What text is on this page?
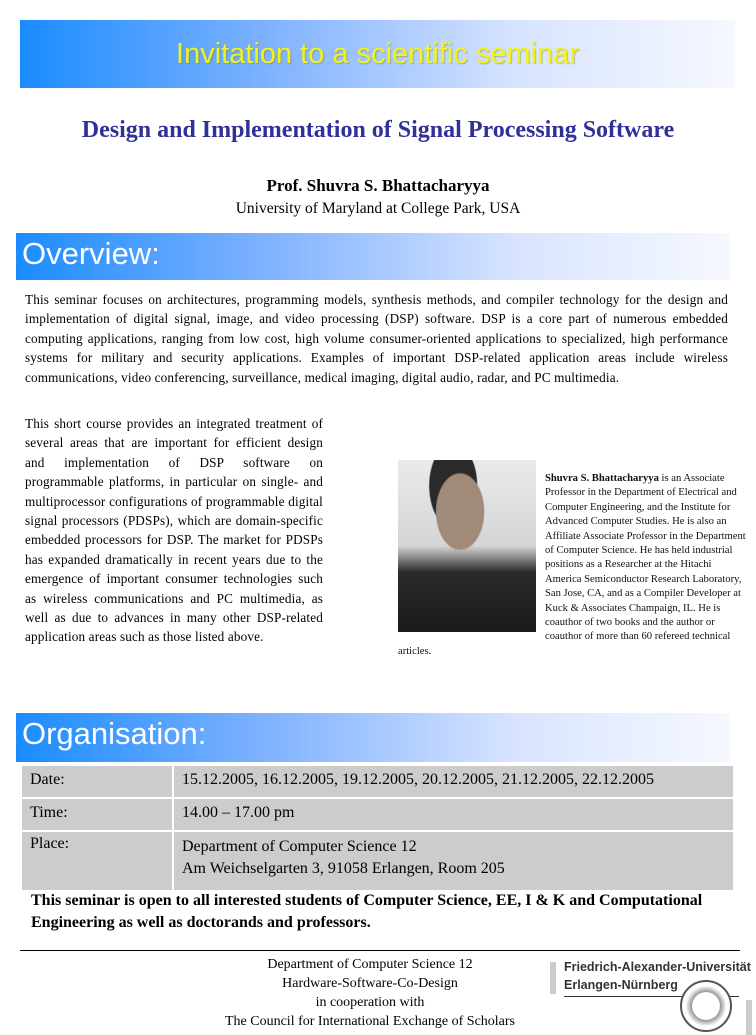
Invitation to a scientific seminar
Design and Implementation of Signal Processing Software
Prof. Shuvra S. Bhattacharyya
University of Maryland at College Park, USA
Overview:
This seminar focuses on architectures, programming models, synthesis methods, and compiler technology for the design and implementation of digital signal, image, and video processing (DSP) software. DSP is a core part of numerous embedded computing applications, ranging from low cost, high volume consumer-oriented applications to specialized, high performance systems for military and security applications. Examples of important DSP-related application areas include wireless communications, video conferencing, surveillance, medical imaging, digital audio, radar, and PC multimedia.
This short course provides an integrated treatment of several areas that are important for efficient design and implementation of DSP software on programmable platforms, in particular on single- and multiprocessor configurations of programmable digital signal processors (PDSPs), which are domain-specific embedded processors for DSP. The market for PDSPs has expanded dramatically in recent years due to the emergence of important consumer technologies such as wireless communications and PC multimedia, as well as due to advances in many other DSP-related application areas such as those listed above.
Shuvra S. Bhattacharyya is an Associate Professor in the Department of Electrical and Computer Engineering, and the Institute for Advanced Computer Studies. He is also an Affiliate Associate Professor in the Department of Computer Science. He has held industrial positions as a Researcher at the Hitachi America Semiconductor Research Laboratory, San Jose, CA, and as a Compiler Developer at Kuck & Associates Champaign, IL. He is coauthor of two books and the author or coauthor of more than 60 refereed technical articles.
Organisation:
Date:	15.12.2005, 16.12.2005, 19.12.2005, 20.12.2005, 21.12.2005, 22.12.2005
Time:	14.00 – 17.00 pm
Place:	Department of Computer Science 12
Am Weichselgarten 3, 91058 Erlangen, Room 205
This seminar is open to all interested students of Computer Science, EE, I & K and Computational Engineering as well as doctorands and professors.
Department of Computer Science 12
Hardware-Software-Co-Design
in cooperation with
The Council for International Exchange of Scholars
Friedrich-Alexander-Universität
Erlangen-Nürnberg
